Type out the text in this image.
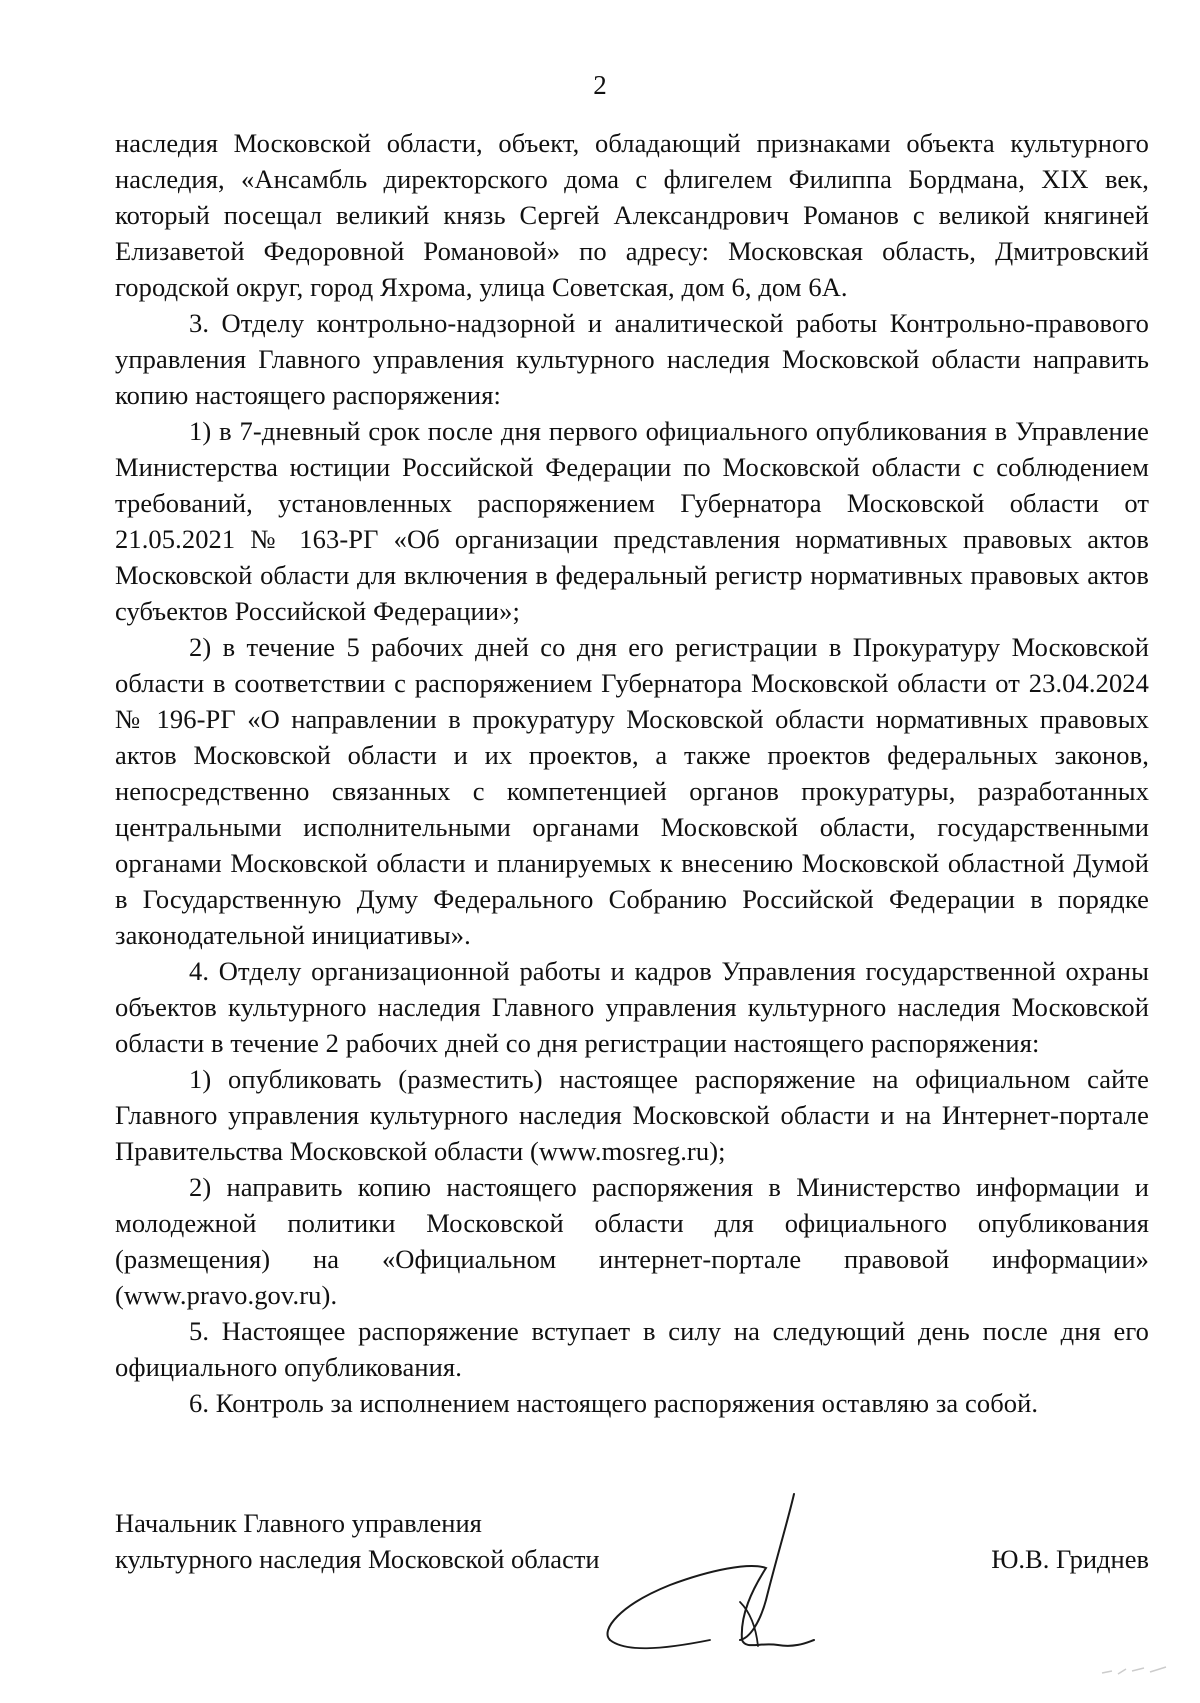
2

наследия Московской области, объект, обладающий признаками объекта культурного наследия, «Ансамбль директорского дома с флигелем Филиппа Бордмана, XIX век, который посещал великий князь Сергей Александрович Романов с великой княгиней Елизаветой Федоровной Романовой» по адресу: Московская область, Дмитровский городской округ, город Яхрома, улица Советская, дом 6, дом 6А.

3. Отделу контрольно-надзорной и аналитической работы Контрольно-правового управления Главного управления культурного наследия Московской области направить копию настоящего распоряжения:

1) в 7-дневный срок после дня первого официального опубликования в Управление Министерства юстиции Российской Федерации по Московской области с соблюдением требований, установленных распоряжением Губернатора Московской области от 21.05.2021 № 163-РГ «Об организации представления нормативных правовых актов Московской области для включения в федеральный регистр нормативных правовых актов субъектов Российской Федерации»;

2) в течение 5 рабочих дней со дня его регистрации в Прокуратуру Московской области в соответствии с распоряжением Губернатора Московской области от 23.04.2024 № 196-РГ «О направлении в прокуратуру Московской области нормативных правовых актов Московской области и их проектов, а также проектов федеральных законов, непосредственно связанных с компетенцией органов прокуратуры, разработанных центральными исполнительными органами Московской области, государственными органами Московской области и планируемых к внесению Московской областной Думой в Государственную Думу Федерального Собранию Российской Федерации в порядке законодательной инициативы».

4. Отделу организационной работы и кадров Управления государственной охраны объектов культурного наследия Главного управления культурного наследия Московской области в течение 2 рабочих дней со дня регистрации настоящего распоряжения:

1) опубликовать (разместить) настоящее распоряжение на официальном сайте Главного управления культурного наследия Московской области и на Интернет-портале Правительства Московской области (www.mosreg.ru);

2) направить копию настоящего распоряжения в Министерство информации и молодежной политики Московской области для официального опубликования (размещения) на «Официальном интернет-портале правовой информации» (www.pravo.gov.ru).

5. Настоящее распоряжение вступает в силу на следующий день после дня его официального опубликования.

6. Контроль за исполнением настоящего распоряжения оставляю за собой.

Начальник Главного управления
культурного наследия Московской области	Ю.В. Гриднев
